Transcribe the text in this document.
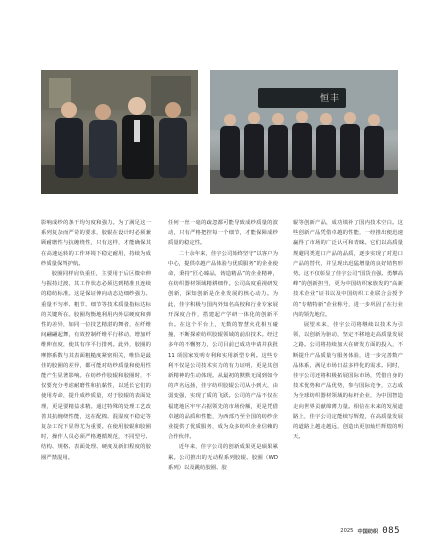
恒丰

影响成纱的条干均匀度和强力。为了满足这一系列复杂而严苛的要求，胶辊在设计时必须兼顾耐磨性与抗缠绕性，只有这样，才能确保其在高速运转的工作环境下稳定耐用，持续为成纱质量保驾护航。

胶圈同样肩负重任，主要用于后区微牵伸与握持过渡，其工作状态必须达到精准且连续的稳纺标准。这是保证伸向动态边细纱强力、重量不匀率、粗节、细节等技术质量指标达标的关键所在。胶圈均衡地利用内外层硬度和弹性的差异，如同一位技艺精湛的舞者，在纤维间翩翩起舞，有效控制纤维平行移动，增加纤维伸直度，使其有序平行排列。此外，胶圈的摩擦系数与其表面粗糙度紧密相关，唯恰是最佳的胶圈的差异，都可能对纺纱质量和使用性能产生显著影响。在纺纱作胶辊和胶圈时，不仅要充分考虑耐磨性和抗黏性，以延长它们的使用寿命，提升成纱质量，对于胶辊的表面处理，更是要精益求精。通过特殊的处理工艺改善其抗缠绕性能，这在配棉、混湿度不稳定等复杂工况下显得尤为重要。在使用胶辊和胶圈时，操作人员必须严格遵循规范，不同型号、结构、规格、表面处理、硬度及新旧程度的胶圈严禁混用。

任何一丝一毫的疏忽都可能导致成纱质量的波动，只有严格把控每一个细节，才能保障成纱质量的稳定性。

二十余年来，佳宇公司始终坚守“以客户为中心，提供卓越产品体验与优质服务”的企业使命，秉持“匠心臻品，铸造精品”的企业精神，在纺织器材领域精耕细作。公司高度重视研发创新，深知创新是企业发展的核心动力。为此，佳宇积极与国内外知名高校和行业专家展开深度合作，搭建起产学研一体化的创新平台。在这个平台上，无数的智慧火花相互碰撞，不断探索纺织胶辊领域的前沿技术。经过多年的不懈努力，公司目前已成功申请并获批 11 项国家发明专利和实用新型专利。这些专利不仅是公司技术实力的有力证明，更是其创新精神的生动体现。从最初的默默无闻到如今的声名远扬，佳宇纺织胶辊公司从小到大，由弱变强，实现了质的飞跃。公司的产品不仅在福建地区牢牢占据领先的市场份额，更是凭借卓越的品质和性能，为西部乃至全国的纺纱企业提供了优质服务，成为众多纺织企业信赖的合作伙伴。

近年来，佳宇公司的创新成果更是硕果累累。公司推出的无动程系列胶辊、胶圈（WD 系列）以及跳纺胶圈、胶

辊等创新产品，成功填补了国内技术空白。这些创新产品凭借卓越的性能，一经推出便迅速赢得了市场的广泛认可和青睐。它们以高质量规避同类进口产品的品质，逐步实现了对进口产品的替代，并呈现出迅猛增量的良好销售形势。这不仅彰显了佳宇公司“国货自强、勇攀高峰”的创新担当，更为中国纺织家族发的“高新技术企业”证书以及中国纺织工业联合会授予的“专精特新”企业称号，进一步巩固了在行业内的领先地位。

展望未来，佳宇公司将继续以技术为引领，以创新为驱动，坚定不移地走高质量发展之路。公司将持续加大在研发方面的投入，不断提升产品质量与服务体验，进一步完善数产品体系，满足市场日益多样化的需求。同时，佳宇公司还将积极拓展国际市场，凭借自身的技术优势和产品优势，参与国际竞争，立志成为全球纺织器材领域的标杆企业，为中国智造走向世界贡献绵薄力量。相信在未来的发展道路上，佳宇公司定能续写辉煌，在高质量发展的道路上越走越远，创造出更加灿烂辉煌的明天。

2025 中国纺织 085
